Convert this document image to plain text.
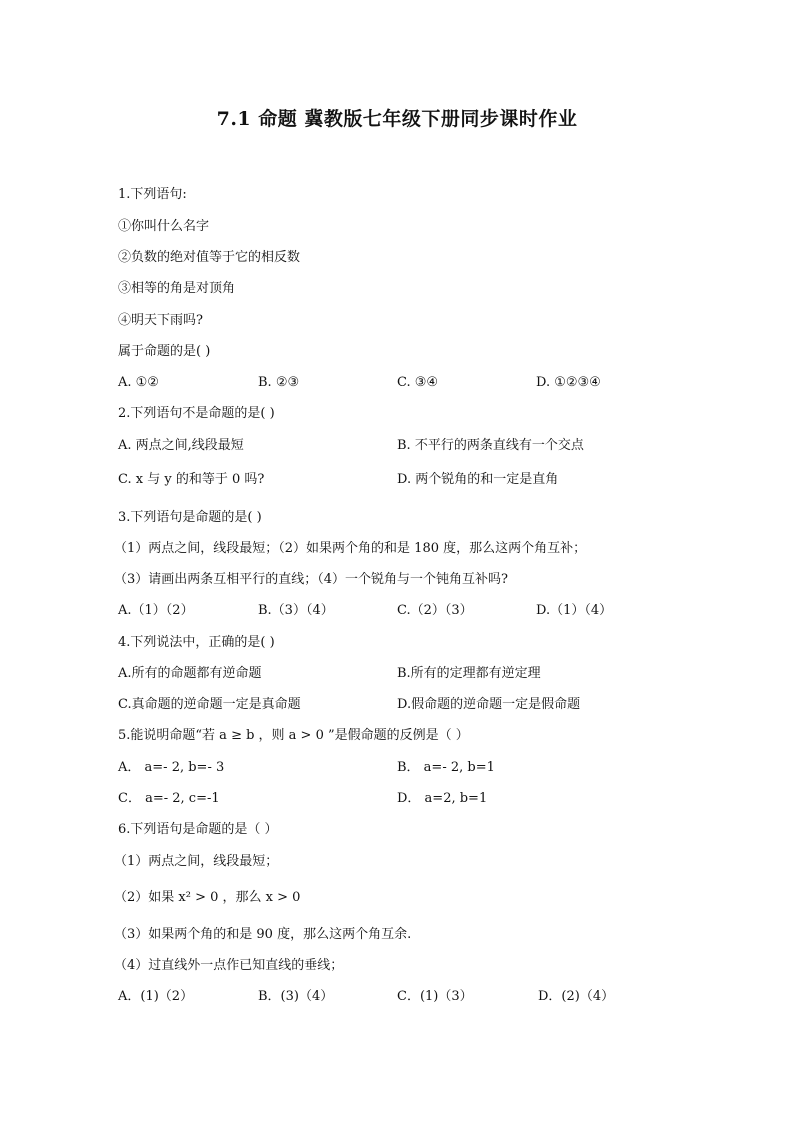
7.1 命题 冀教版七年级下册同步课时作业
1.下列语句:
①你叫什么名字
②负数的绝对值等于它的相反数
③相等的角是对顶角
④明天下雨吗?
属于命题的是( )
A. ①②	B. ②③	C. ③④	D. ①②③④
2.下列语句不是命题的是( )
A. 两点之间,线段最短	B. 不平行的两条直线有一个交点
C. x 与 y 的和等于 0 吗?	D. 两个锐角的和一定是直角
3.下列语句是命题的是( )
（1）两点之间，线段最短；（2）如果两个角的和是 180 度，那么这两个角互补；
（3）请画出两条互相平行的直线；（4）一个锐角与一个钝角互补吗?
A.（1）（2）	B.（3）（4）	C.（2）（3）	D.（1）（4）
4.下列说法中，正确的是( )
A.所有的命题都有逆命题	B.所有的定理都有逆定理
C.真命题的逆命题一定是真命题	D.假命题的逆命题一定是假命题
5.能说明命题“若 a ≥ b ，则 a > 0 ”是假命题的反例是（ ）
A． a=- 2, b=- 3	B． a=- 2, b=1
C． a=- 2, c=-1	D． a=2, b=1
6.下列语句是命题的是（ ）
（1）两点之间，线段最短；
（2）如果 x² > 0 ，那么 x > 0
（3）如果两个角的和是 90 度，那么这两个角互余.
（4）过直线外一点作已知直线的垂线；
A．(1)（2）	B．(3)（4）	C．(1)（3）	D．(2)（4）
